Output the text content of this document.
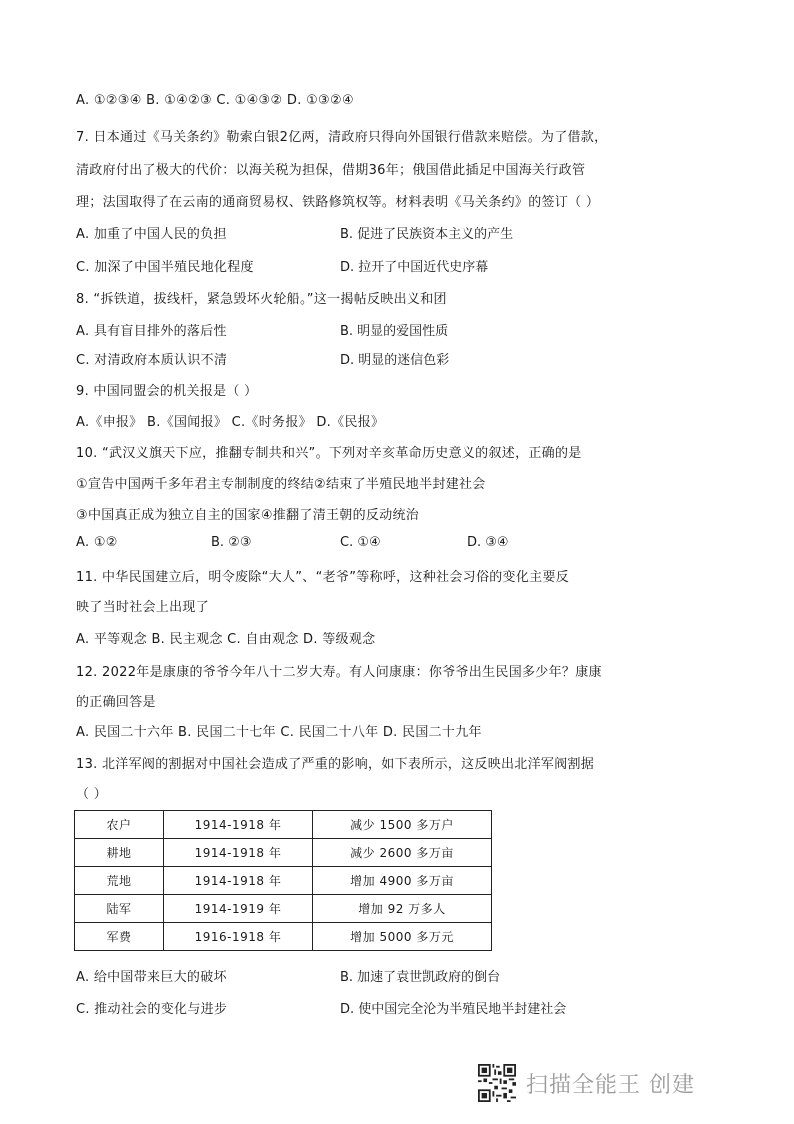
A. ①②③④ B. ①④②③ C. ①④③② D. ①③②④
7. 日本通过《马关条约》勒索白银2亿两，清政府只得向外国银行借款来赔偿。为了借款，
清政府付出了极大的代价：以海关税为担保，借期36年；俄国借此插足中国海关行政管
理；法国取得了在云南的通商贸易权、铁路修筑权等。材料表明《马关条约》的签订（ ）
A. 加重了中国人民的负担	B. 促进了民族资本主义的产生
C. 加深了中国半殖民地化程度	D. 拉开了中国近代史序幕
8. “拆铁道，拔线杆，紧急毁坏火轮船。”这一揭帖反映出义和团
A. 具有盲目排外的落后性	B. 明显的爱国性质
C. 对清政府本质认识不清	D. 明显的迷信色彩
9. 中国同盟会的机关报是（ ）
A.《申报》 B.《国闻报》 C.《时务报》 D.《民报》
10. “武汉义旗天下应，推翻专制共和兴”。下列对辛亥革命历史意义的叙述，正确的是
①宣告中国两千多年君主专制制度的终结②结束了半殖民地半封建社会
③中国真正成为独立自主的国家④推翻了清王朝的反动统治
A. ①②	B. ②③	C. ①④	D. ③④
11. 中华民国建立后，明令废除“大人”、“老爷”等称呼，这种社会习俗的变化主要反
映了当时社会上出现了
A. 平等观念 B. 民主观念 C. 自由观念 D. 等级观念
12. 2022年是康康的爷爷今年八十二岁大寿。有人问康康：你爷爷出生民国多少年？康康
的正确回答是
A. 民国二十六年 B. 民国二十七年 C. 民国二十八年 D. 民国二十九年
13. 北洋军阀的割据对中国社会造成了严重的影响，如下表所示，这反映出北洋军阀割据
（ ）
农户	1914-1918 年	减少 1500 多万户
耕地	1914-1918 年	减少 2600 多万亩
荒地	1914-1918 年	增加 4900 多万亩
陆军	1914-1919 年	增加 92 万多人
军费	1916-1918 年	增加 5000 多万元
A. 给中国带来巨大的破坏	B. 加速了袁世凯政府的倒台
C. 推动社会的变化与进步	D. 使中国完全沦为半殖民地半封建社会
扫描全能王 创建
